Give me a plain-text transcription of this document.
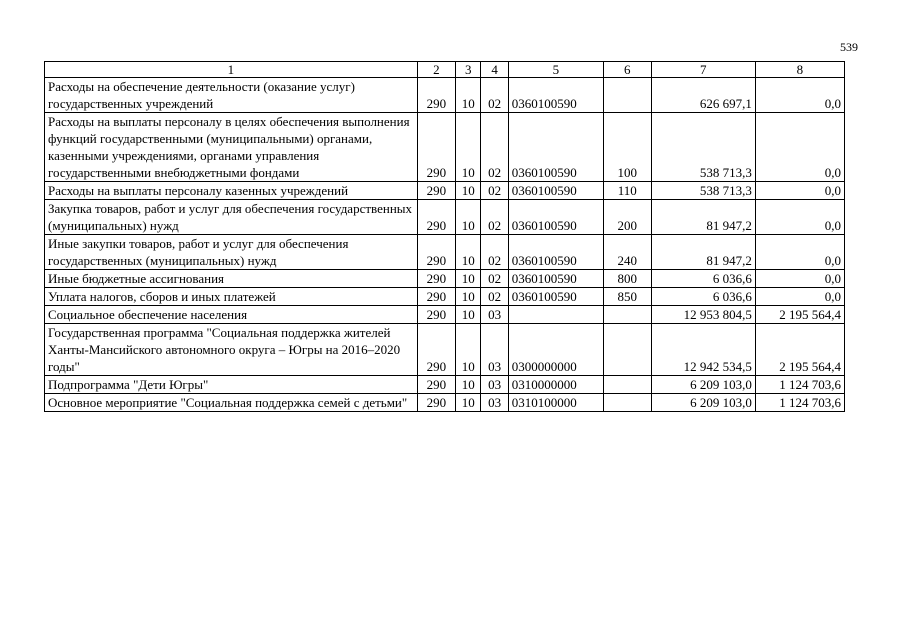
539
1	2	3	4	5	6	7	8
Расходы на обеспечение деятельности (оказание услуг) государственных учреждений	290	10	02	0360100590		626 697,1	0,0
Расходы на выплаты персоналу в целях обеспечения выполнения функций государственными (муниципальными) органами, казенными учреждениями, органами управления государственными внебюджетными фондами	290	10	02	0360100590	100	538 713,3	0,0
Расходы на выплаты персоналу казенных учреждений	290	10	02	0360100590	110	538 713,3	0,0
Закупка товаров, работ и услуг для обеспечения государственных (муниципальных) нужд	290	10	02	0360100590	200	81 947,2	0,0
Иные закупки товаров, работ и услуг для обеспечения государственных (муниципальных) нужд	290	10	02	0360100590	240	81 947,2	0,0
Иные бюджетные ассигнования	290	10	02	0360100590	800	6 036,6	0,0
Уплата налогов, сборов и иных платежей	290	10	02	0360100590	850	6 036,6	0,0
Социальное обеспечение населения	290	10	03			12 953 804,5	2 195 564,4
Государственная программа "Социальная поддержка жителей Ханты-Мансийского автономного округа – Югры на 2016–2020 годы"	290	10	03	0300000000		12 942 534,5	2 195 564,4
Подпрограмма "Дети Югры"	290	10	03	0310000000		6 209 103,0	1 124 703,6
Основное мероприятие "Социальная поддержка семей с детьми"	290	10	03	0310100000		6 209 103,0	1 124 703,6
